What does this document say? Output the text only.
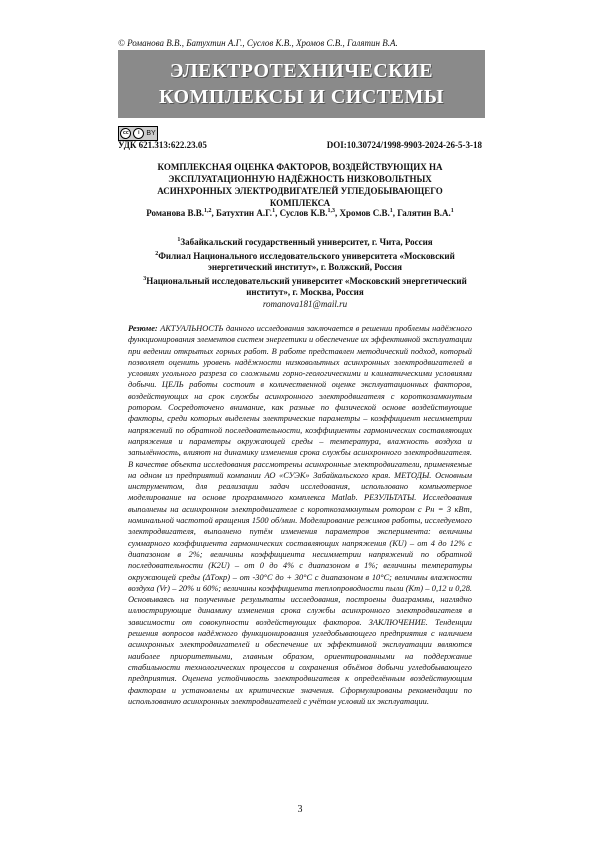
© Романова В.В., Батухтин А.Г., Суслов К.В., Хромов С.В., Галятин В.А.
ЭЛЕКТРОТЕХНИЧЕСКИЕ
КОМПЛЕКСЫ И СИСТЕМЫ
cc	i BY
УДК 621.313:622.23.05	DOI:10.30724/1998-9903-2024-26-5-3-18
КОМПЛЕКСНАЯ ОЦЕНКА ФАКТОРОВ, ВОЗДЕЙСТВУЮЩИХ НА ЭКСПЛУАТАЦИОННУЮ НАДЁЖНОСТЬ НИЗКОВОЛЬТНЫХ АСИНХРОННЫХ ЭЛЕКТРОДВИГАТЕЛЕЙ УГЛЕДОБЫВАЮЩЕГО КОМПЛЕКСА
Романова В.В.$^{1,2}$, Батухтин А.Г.$^1$, Суслов К.В.$^{1,3}$, Хромов С.В.$^1$, Галятин В.А.$^1$
$^1$Забайкальский государственный университет, г. Чита, Россия
$^2$Филиал Национального исследовательского университета «Московский энергетический институт», г. Волжский, Россия
$^3$Национальный исследовательский университет «Московский энергетический институт», г. Москва, Россия
romanova181@mail.ru
Резюме: АКТУАЛЬНОСТЬ данного исследования заключается в решении проблемы надёжного функционирования элементов систем энергетики и обеспечение их эффективной эксплуатации при ведении открытых горных работ. В работе представлен методический подход, который позволяет оценить уровень надёжности низковольтных асинхронных электродвигателей в условиях угольного разреза со сложными горно-геологическими и климатическими условиями добычи. ЦЕЛЬ работы состоит в количественной оценке эксплуатационных факторов, воздействующих на срок службы асинхронного электродвигателя с короткозамкнутым ротором. Сосредоточено внимание, как разные по физической основе воздействующие факторы, среди которых выделены электрические параметры – коэффициент несимметрии напряжений по обратной последовательности, коэффициенты гармонических составляющих напряжения и параметры окружающей среды – температура, влажность воздуха и запылённость, влияют на динамику изменения срока службы асинхронного электродвигателя. В качестве объекта исследования рассмотрены асинхронные электродвигатели, применяемые на одном из предприятий компании АО «СУЭК» Забайкальского края. МЕТОДЫ. Основным инструментом, для реализации задач исследования, использовано компьютерное моделирование на основе программного комплекса Matlab. РЕЗУЛЬТАТЫ. Исследования выполнены на асинхронном электродвигателе с короткозамкнутым ротором с Pн = 3 кВт, номинальной частотой вращения 1500 об/мин. Моделирование режимов работы, исследуемого электродвигателя, выполнено путём изменения параметров эксперимента: величины суммарного коэффициента гармонических составляющих напряжения (KU) – от 4 до 12% с диапазоном в 2%; величины коэффициента несимметрии напряжений по обратной последовательности (K2U) – от 0 до 4% с диапазоном в 1%; величины температуры окружающей среды (ΔTокр) – от -30°C до + 30°C с диапазоном в 10°C; величины влажности воздуха (Vr) – 20% и 60%; величины коэффициента теплопроводности пыли (Km) – 0,12 и 0,28. Основываясь на полученные результаты исследования, построены диаграммы, наглядно иллюстрирующие динамику изменения срока службы асинхронного электродвигателя в зависимости от совокупности воздействующих факторов. ЗАКЛЮЧЕНИЕ. Тенденции решения вопросов надёжного функционирования угледобывающего предприятия с наличием асинхронных электродвигателей и обеспечение их эффективной эксплуатации являются наиболее приоритетными, главным образом, ориентированными на поддержание стабильности технологических процессов и сохранения объёмов добычи угледобывающего предприятия. Оценена устойчивость электродвигателя к определённым воздействующим факторам и установлены их критические значения. Сформулированы рекомендации по использованию асинхронных электродвигателей с учётом условий их эксплуатации.
3
